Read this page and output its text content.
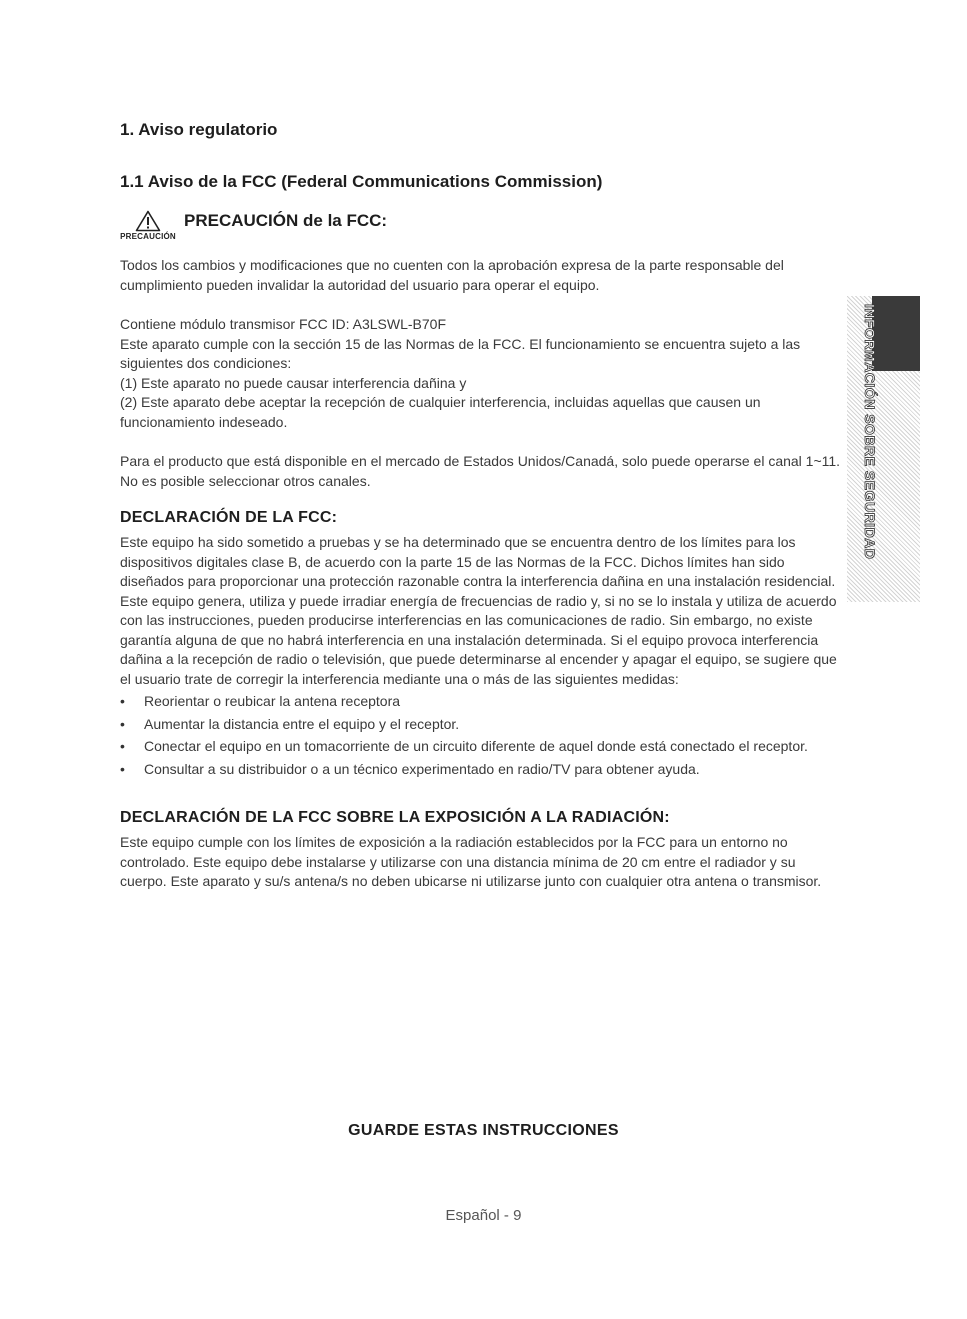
INFORMACIÓN SOBRE SEGURIDAD
1. Aviso regulatorio
1.1 Aviso de la FCC (Federal Communications Commission)
PRECAUCIÓN
PRECAUCIÓN de la FCC:

Todos los cambios y modificaciones que no cuenten con la aprobación expresa de la parte responsable del cumplimiento pueden invalidar la autoridad del usuario para operar el equipo.

Contiene módulo transmisor FCC ID: A3LSWL-B70F

Este aparato cumple con la sección 15 de las Normas de la FCC. El funcionamiento se encuentra sujeto a las siguientes dos condiciones:

(1) Este aparato no puede causar interferencia dañina y

(2) Este aparato debe aceptar la recepción de cualquier interferencia, incluidas aquellas que causen un funcionamiento indeseado.

Para el producto que está disponible en el mercado de Estados Unidos/Canadá, solo puede operarse el canal 1~11.

No es posible seleccionar otros canales.

DECLARACIÓN DE LA FCC:

Este equipo ha sido sometido a pruebas y se ha determinado que se encuentra dentro de los límites para los dispositivos digitales clase B, de acuerdo con la parte 15 de las Normas de la FCC. Dichos límites han sido diseñados para proporcionar una protección razonable contra la interferencia dañina en una instalación residencial.

Este equipo genera, utiliza y puede irradiar energía de frecuencias de radio y, si no se lo instala y utiliza de acuerdo con las instrucciones, pueden producirse interferencias en las comunicaciones de radio. Sin embargo, no existe garantía alguna de que no habrá interferencia en una instalación determinada. Si el equipo provoca interferencia dañina a la recepción de radio o televisión, que puede determinarse al encender y apagar el equipo, se sugiere que el usuario trate de corregir la interferencia mediante una o más de las siguientes medidas:

• Reorientar o reubicar la antena receptora
• Aumentar la distancia entre el equipo y el receptor.
• Conectar el equipo en un tomacorriente de un circuito diferente de aquel donde está conectado el receptor.
• Consultar a su distribuidor o a un técnico experimentado en radio/TV para obtener ayuda.
DECLARACIÓN DE LA FCC SOBRE LA EXPOSICIÓN A LA RADIACIÓN:

Este equipo cumple con los límites de exposición a la radiación establecidos por la FCC para un entorno no controlado. Este equipo debe instalarse y utilizarse con una distancia mínima de 20 cm entre el radiador y su cuerpo. Este aparato y su/s antena/s no deben ubicarse ni utilizarse junto con cualquier otra antena o transmisor.

GUARDE ESTAS INSTRUCCIONES
Español - 9
